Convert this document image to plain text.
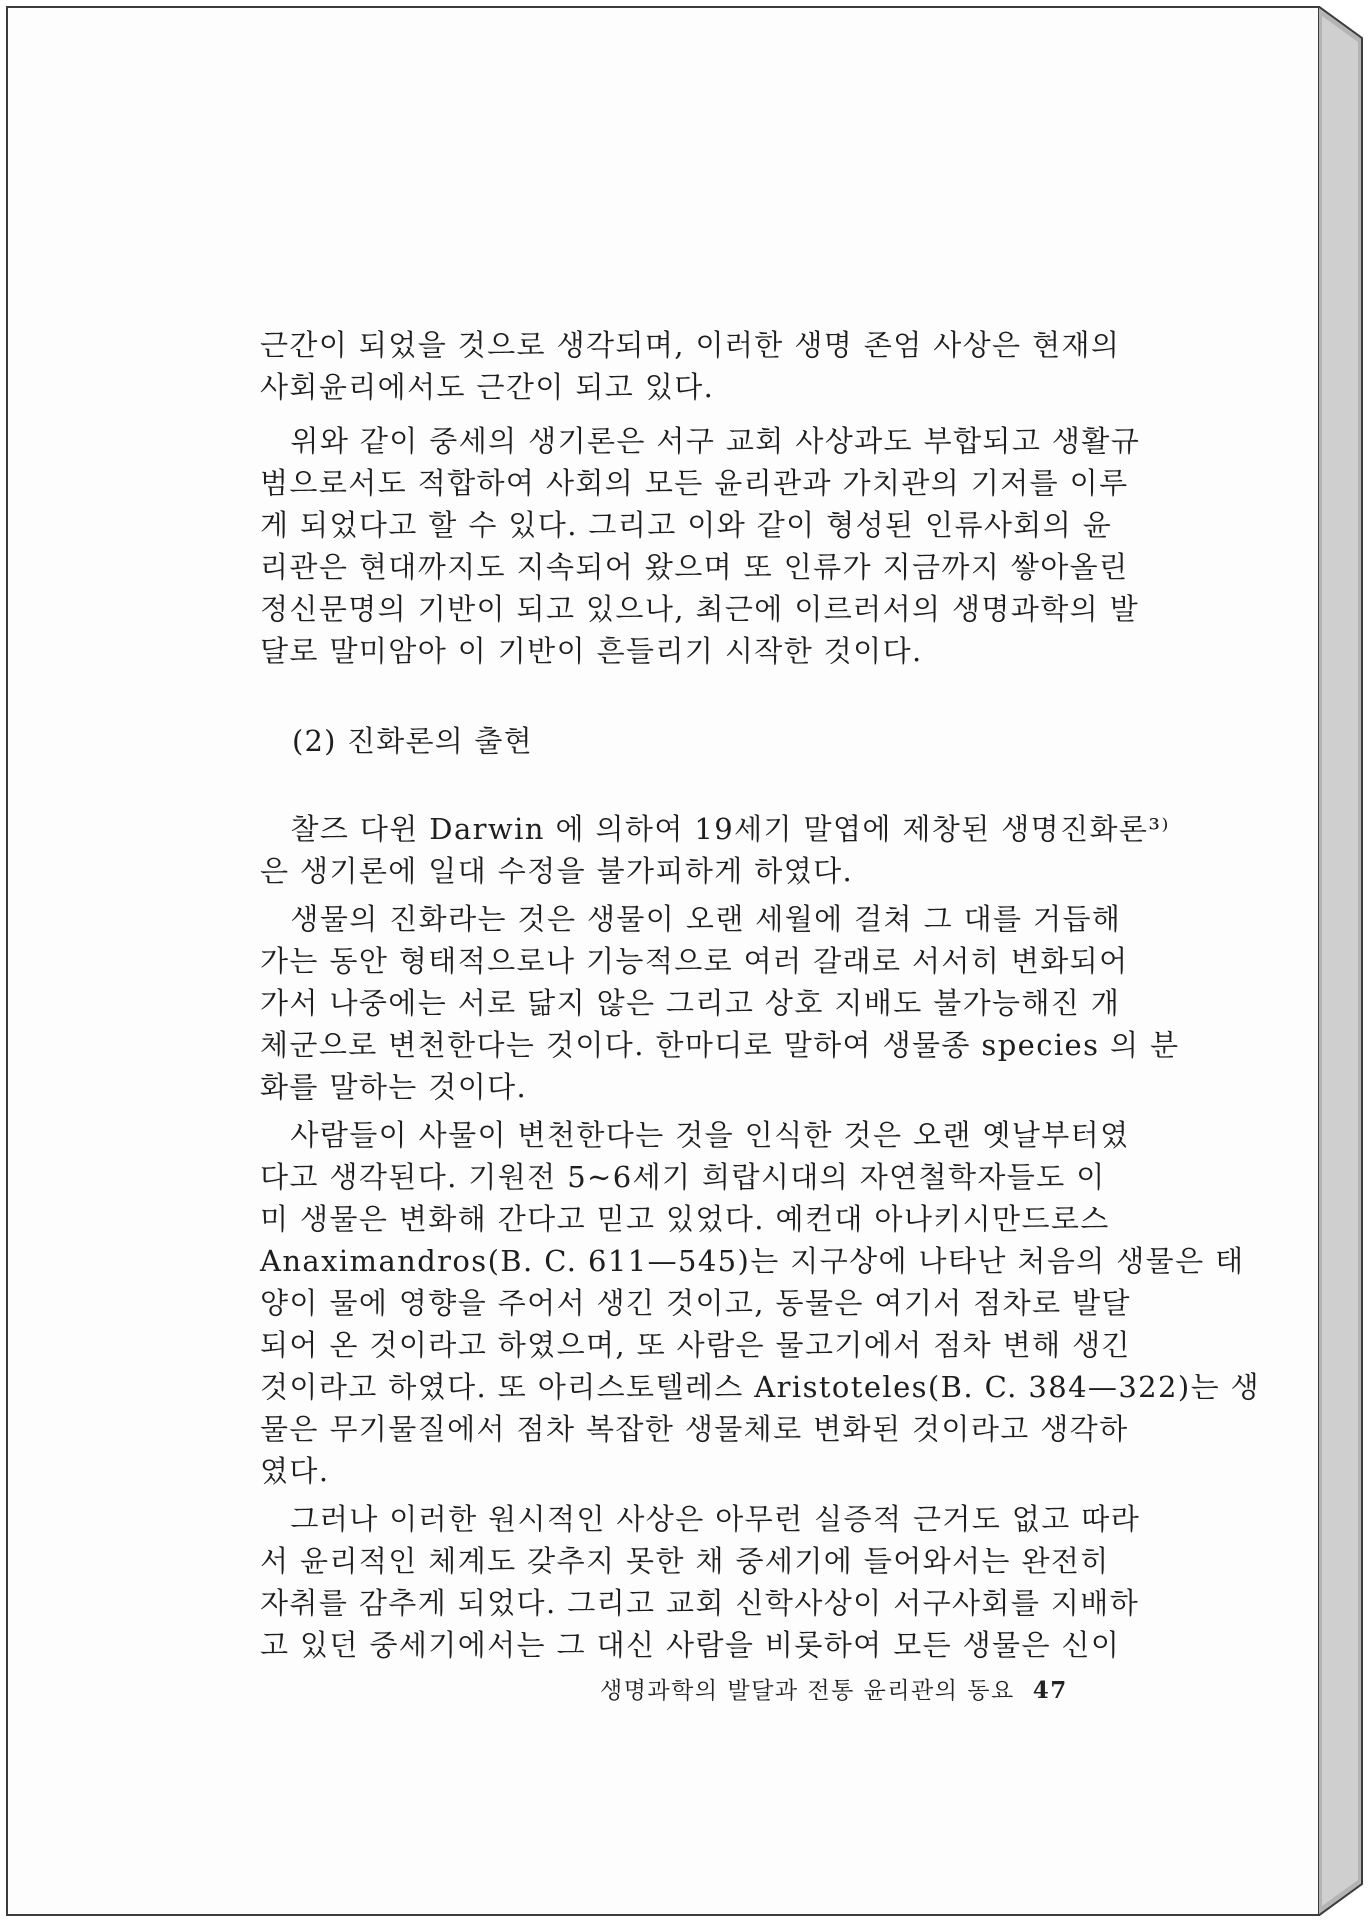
근간이 되었을 것으로 생각되며, 이러한 생명 존엄 사상은 현재의
사회윤리에서도 근간이 되고 있다.
　위와 같이 중세의 생기론은 서구 교회 사상과도 부합되고 생활규
범으로서도 적합하여 사회의 모든 윤리관과 가치관의 기저를 이루
게 되었다고 할 수 있다. 그리고 이와 같이 형성된 인류사회의 윤
리관은 현대까지도 지속되어 왔으며 또 인류가 지금까지 쌓아올린
정신문명의 기반이 되고 있으나, 최근에 이르러서의 생명과학의 발
달로 말미암아 이 기반이 흔들리기 시작한 것이다.
(2) 진화론의 출현
　찰즈 다윈 Darwin 에 의하여 19세기 말엽에 제창된 생명진화론³⁾
은 생기론에 일대 수정을 불가피하게 하였다.
　생물의 진화라는 것은 생물이 오랜 세월에 걸쳐 그 대를 거듭해
가는 동안 형태적으로나 기능적으로 여러 갈래로 서서히 변화되어
가서 나중에는 서로 닮지 않은 그리고 상호 지배도 불가능해진 개
체군으로 변천한다는 것이다. 한마디로 말하여 생물종 species 의 분
화를 말하는 것이다.
　사람들이 사물이 변천한다는 것을 인식한 것은 오랜 옛날부터였
다고 생각된다. 기원전 5∼6세기 희랍시대의 자연철학자들도 이
미 생물은 변화해 간다고 믿고 있었다. 예컨대 아나키시만드로스
Anaximandros(B. C. 611—545)는 지구상에 나타난 처음의 생물은 태
양이 물에 영향을 주어서 생긴 것이고, 동물은 여기서 점차로 발달
되어 온 것이라고 하였으며, 또 사람은 물고기에서 점차 변해 생긴
것이라고 하였다. 또 아리스토텔레스 Aristoteles(B. C. 384—322)는 생
물은 무기물질에서 점차 복잡한 생물체로 변화된 것이라고 생각하
였다.
　그러나 이러한 원시적인 사상은 아무런 실증적 근거도 없고 따라
서 윤리적인 체계도 갖추지 못한 채 중세기에 들어와서는 완전히
자취를 감추게 되었다. 그리고 교회 신학사상이 서구사회를 지배하
고 있던 중세기에서는 그 대신 사람을 비롯하여 모든 생물은 신이
생명과학의 발달과 전통 윤리관의 동요 47
